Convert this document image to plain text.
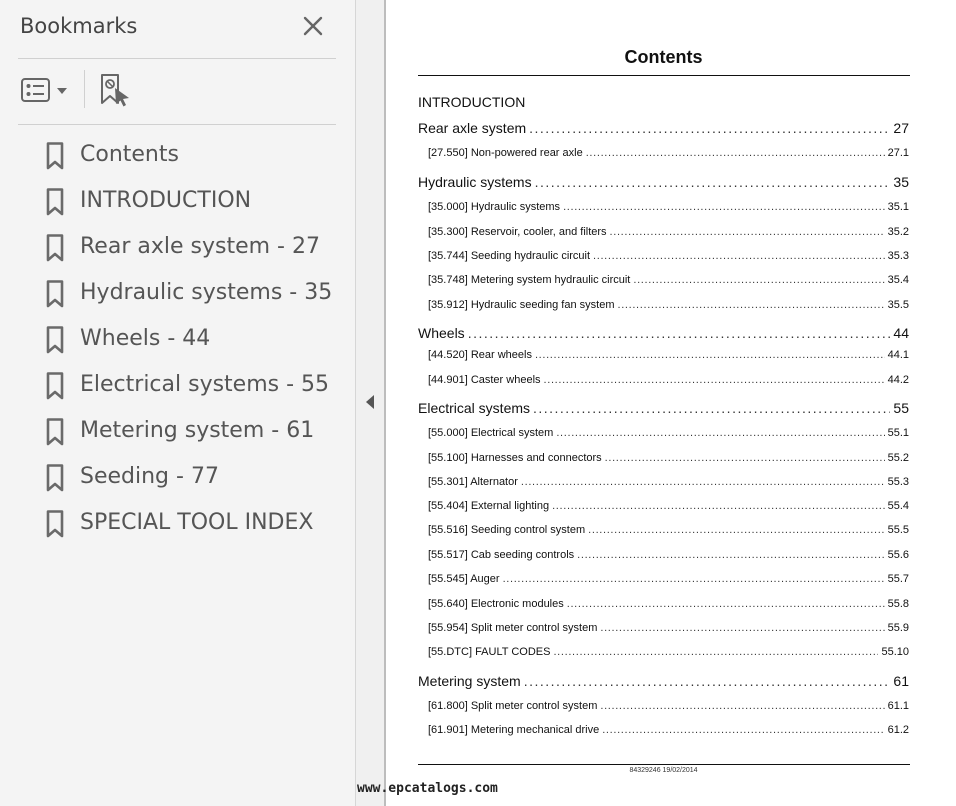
Bookmarks
Contents
INTRODUCTION
Rear axle system - 27
Hydraulic systems - 35
Wheels - 44
Electrical systems - 55
Metering system - 61
Seeding - 77
SPECIAL TOOL INDEX
Contents
INTRODUCTION
Rear axle system . . .	27
[27.550] Non-powered rear axle . . .	27.1
Hydraulic systems . . .	35
[35.000] Hydraulic systems . . .	35.1
[35.300] Reservoir, cooler, and filters . . .	35.2
[35.744] Seeding hydraulic circuit . . .	35.3
[35.748] Metering system hydraulic circuit . . .	35.4
[35.912] Hydraulic seeding fan system . . .	35.5
Wheels . . .	44
[44.520] Rear wheels . . .	44.1
[44.901] Caster wheels . . .	44.2
Electrical systems . . .	55
[55.000] Electrical system . . .	55.1
[55.100] Harnesses and connectors . . .	55.2
[55.301] Alternator . . .	55.3
[55.404] External lighting . . .	55.4
[55.516] Seeding control system . . .	55.5
[55.517] Cab seeding controls . . .	55.6
[55.545] Auger . . .	55.7
[55.640] Electronic modules . . .	55.8
[55.954] Split meter control system . . .	55.9
[55.DTC] FAULT CODES . . .	55.10
Metering system . . .	61
[61.800] Split meter control system . . .	61.1
[61.901] Metering mechanical drive . . .	61.2
84329246 19/02/2014
www.epcatalogs.com
